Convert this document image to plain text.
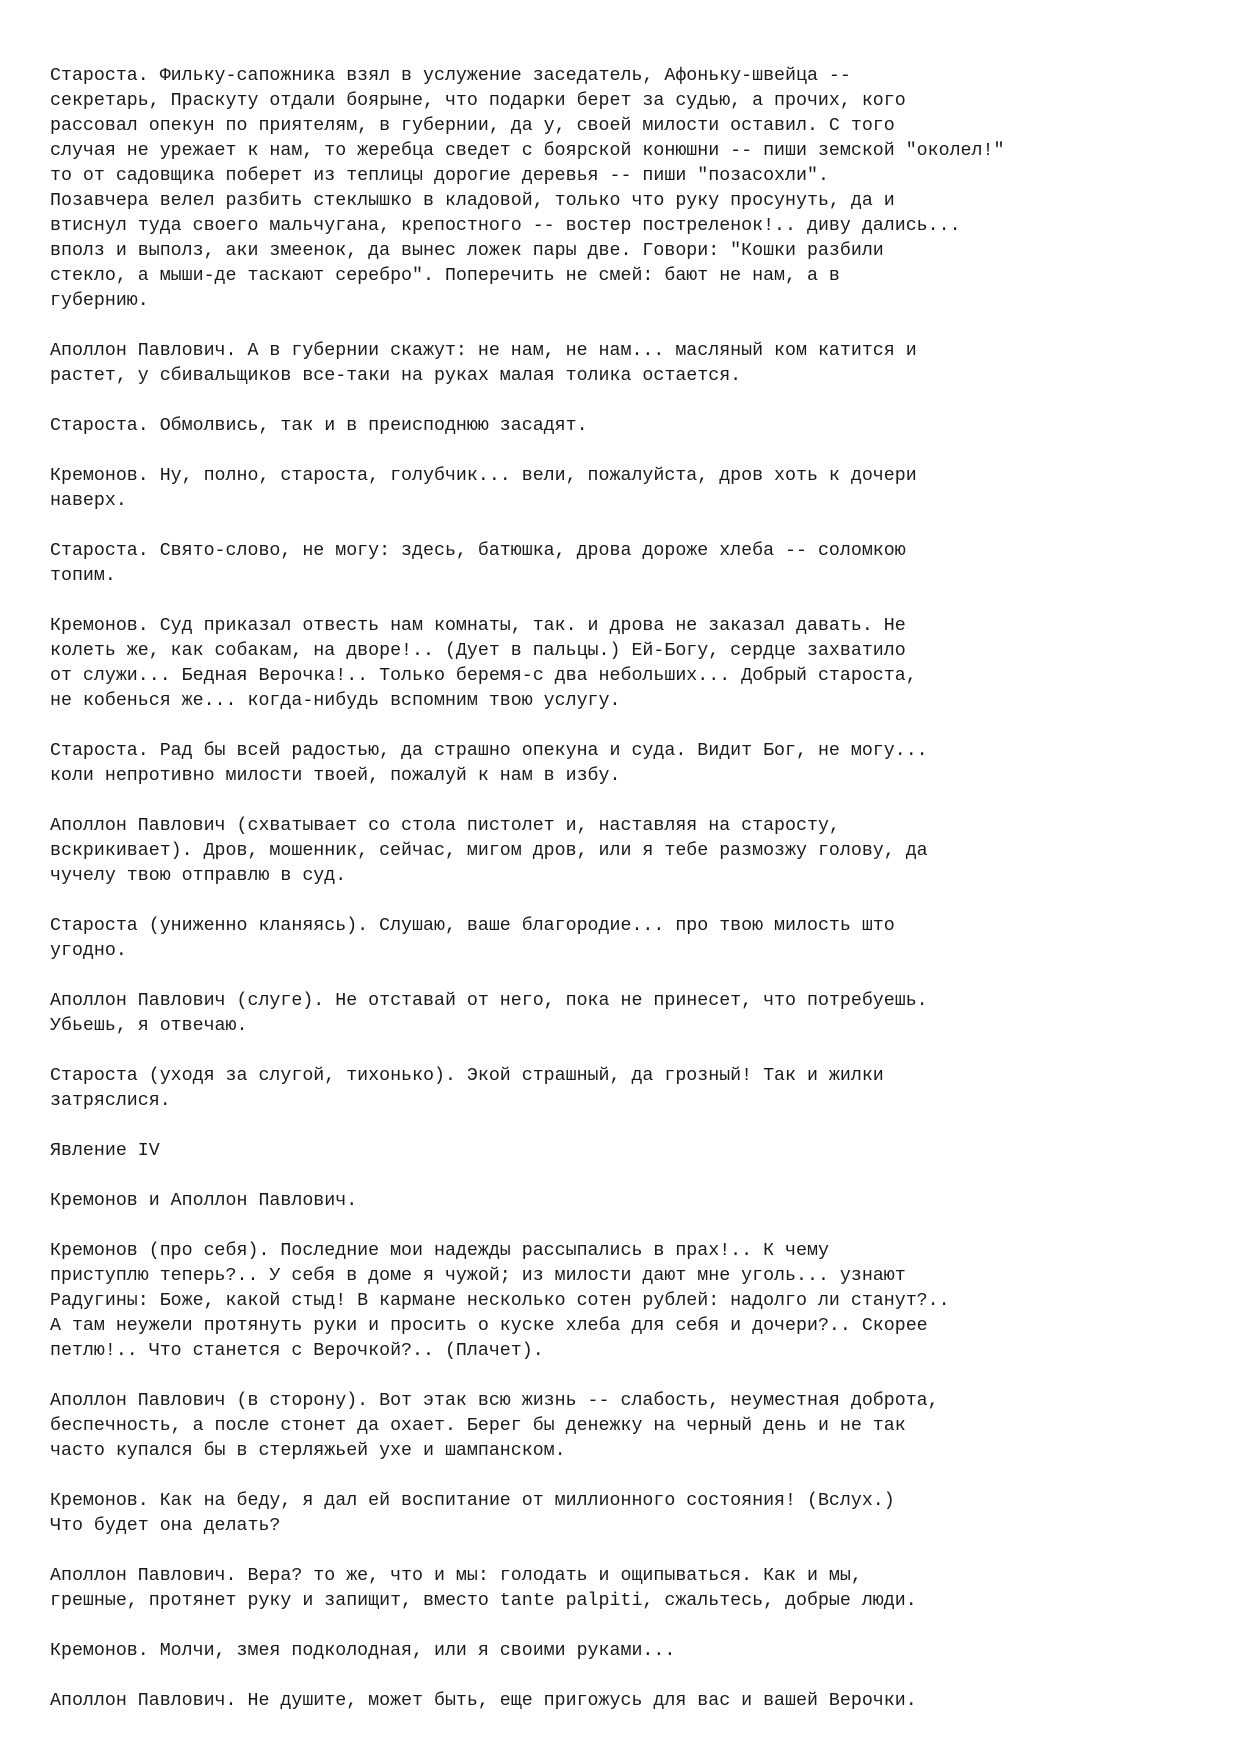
Староста. Фильку-сапожника взял в услужение заседатель, Афоньку-швейца --
секретарь, Праскуту отдали бoярыне, что подарки берет за судью, а прочих, кого
рассовал опекун по приятелям, в губернии, да у, своей милости оставил. С того
случая не урежает к нам, то жеребца сведет с боярской конюшни -- пиши земской "околел!"
то от садовщика поберет из теплицы дорогие деревья -- пиши "позасохли".
Позавчера велел разбить стеклышко в кладовой, только что руку просунуть, да и
втиснул туда своего мальчугана, крепостного -- востер постреленок!.. диву дались...
вполз и выполз, аки змеенок, да вынес ложек пары две. Говори: "Кошки разбили
стекло, а мыши-де таскают серебро". Поперечить не смей: бают не нам, а в
губернию.
Аполлон Павлович. А в губернии скажут: не нам, не нам... масляный ком катится и
растет, у сбивальщиков все-таки на руках малая толика остается.
Староста. Обмолвись, так и в преисподнюю засадят.
Кремонов. Ну, полно, староста, голубчик... вели, пожалуйста, дров хоть к дочери
наверх.
Староста. Свято-слово, не могу: здесь, батюшка, дрова дороже хлеба -- соломкою
топим.
Кремонов. Суд приказал отвесть нам комнаты, так. и дрова не заказал давать. Не
колеть же, как собакам, на дворе!.. (Дует в пальцы.) Ей-Богу, сердце захватило
от служи... Бедная Верочка!.. Только беремя-с два небольших... Добрый староста,
не кобенься же... когда-нибудь вспомним твою услугу.
Староста. Рад бы всей радостью, да страшно опекуна и суда. Видит Бог, не могу...
коли непротивно милости твоей, пожалуй к нам в избу.
Аполлон Павлович (схватывает со стола пистолет и, наставляя на старосту,
вскрикивает). Дров, мошенник, сейчас, мигом дров, или я тебе размозжу голову, да
чучелу твою отправлю в суд.
Староста (униженно кланяясь). Слушаю, ваше благородие... про твою милость што
угодно.
Аполлон Павлович (слуге). Не отставай от него, пока не принесет, что потребуешь.
Убьешь, я отвечаю.
Староста (уходя за слугой, тихонько). Экой страшный, да грозный! Так и жилки
затряслися.
Явление IV
Кремонов и Аполлон Павлович.
Кремонов (про себя). Последние мои надежды рассыпались в прах!.. К чему
приступлю теперь?.. У себя в доме я чужой; из милости дают мне уголь... узнают
Радугины: Боже, какой стыд! В кармане несколько сотен рублей: надолго ли станут?..
А там неужели протянуть руки и просить о куске хлеба для себя и дочери?.. Скорее
петлю!.. Что станется с Верочкой?.. (Плачет).
Аполлон Павлович (в сторону). Вот этак всю жизнь -- слабость, неуместная доброта,
беспечность, а после стонет да охает. Берег бы денежку на черный день и не так
часто купался бы в стерляжьей ухе и шампанском.
Кремонов. Как на беду, я дал ей воспитание от миллионного состояния! (Вслух.)
Что будет она делать?
Аполлон Павлович. Вера? то же, что и мы: голодать и ощипываться. Как и мы,
грешные, протянет руку и запищит, вместо tante palpiti, сжальтесь, добрые люди.
Кремонов. Молчи, змея подколодная, или я своими руками...
Аполлон Павлович. Не душите, может быть, еще пригожусь для вас и вашей Верочки.
